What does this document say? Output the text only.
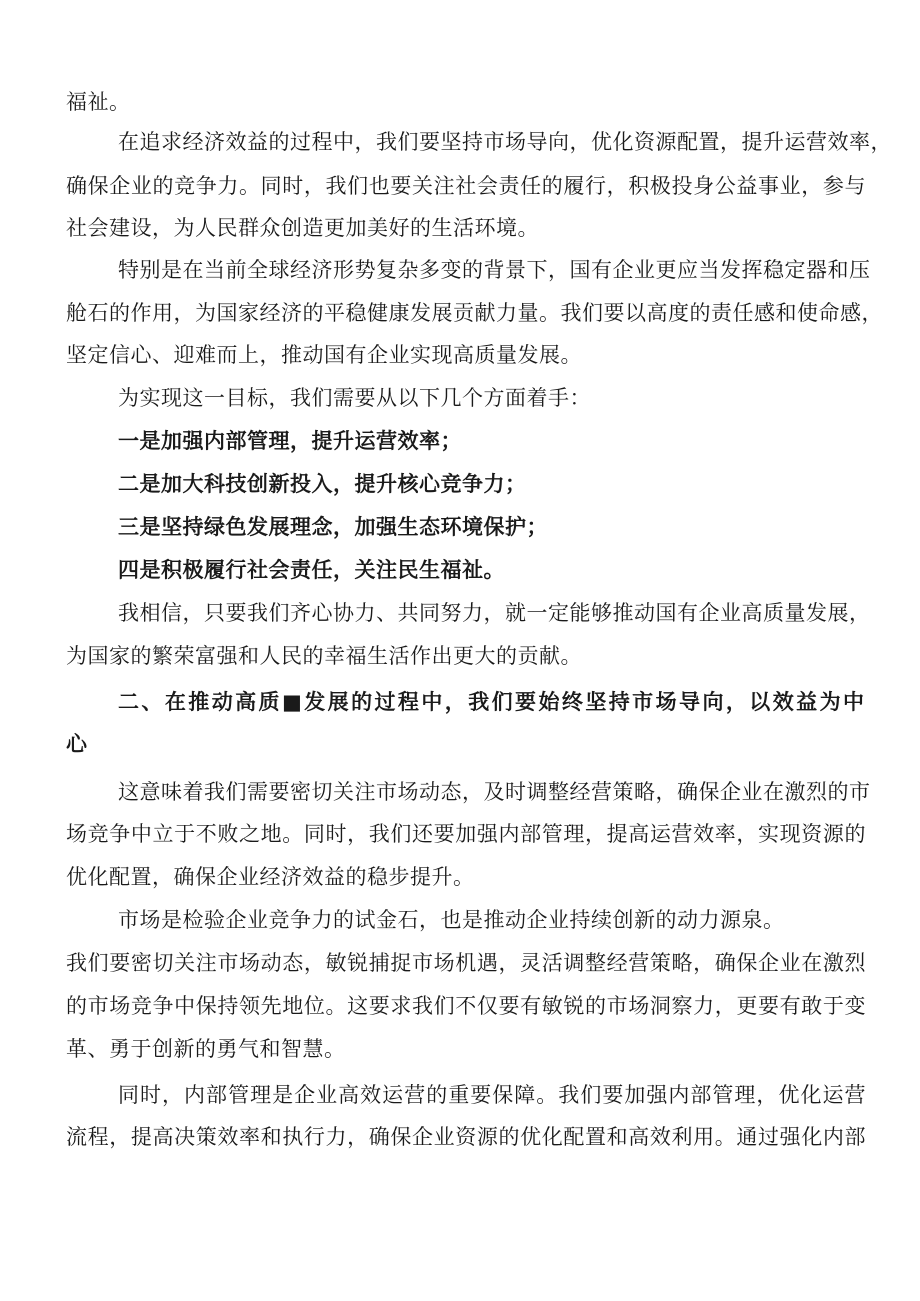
福祉。
在追求经济效益的过程中，我们要坚持市场导向，优化资源配置，提升运营效率，
确保企业的竞争力。同时，我们也要关注社会责任的履行，积极投身公益事业，参与
社会建设，为人民群众创造更加美好的生活环境。
特别是在当前全球经济形势复杂多变的背景下，国有企业更应当发挥稳定器和压
舱石的作用，为国家经济的平稳健康发展贡献力量。我们要以高度的责任感和使命感，
坚定信心、迎难而上，推动国有企业实现高质量发展。
为实现这一目标，我们需要从以下几个方面着手：
一是加强内部管理，提升运营效率；
二是加大科技创新投入，提升核心竞争力；
三是坚持绿色发展理念，加强生态环境保护；
四是积极履行社会责任，关注民生福祉。
我相信，只要我们齐心协力、共同努力，就一定能够推动国有企业高质量发展，
为国家的繁荣富强和人民的幸福生活作出更大的贡献。
二、在推动高质■发展的过程中，我们要始终坚持市场导向，以效益为中
心
这意味着我们需要密切关注市场动态，及时调整经营策略，确保企业在激烈的市
场竞争中立于不败之地。同时，我们还要加强内部管理，提高运营效率，实现资源的
优化配置，确保企业经济效益的稳步提升。
市场是检验企业竞争力的试金石，也是推动企业持续创新的动力源泉。
我们要密切关注市场动态，敏锐捕捉市场机遇，灵活调整经营策略，确保企业在激烈
的市场竞争中保持领先地位。这要求我们不仅要有敏锐的市场洞察力，更要有敢于变
革、勇于创新的勇气和智慧。
同时，内部管理是企业高效运营的重要保障。我们要加强内部管理，优化运营
流程，提高决策效率和执行力，确保企业资源的优化配置和高效利用。通过强化内部
